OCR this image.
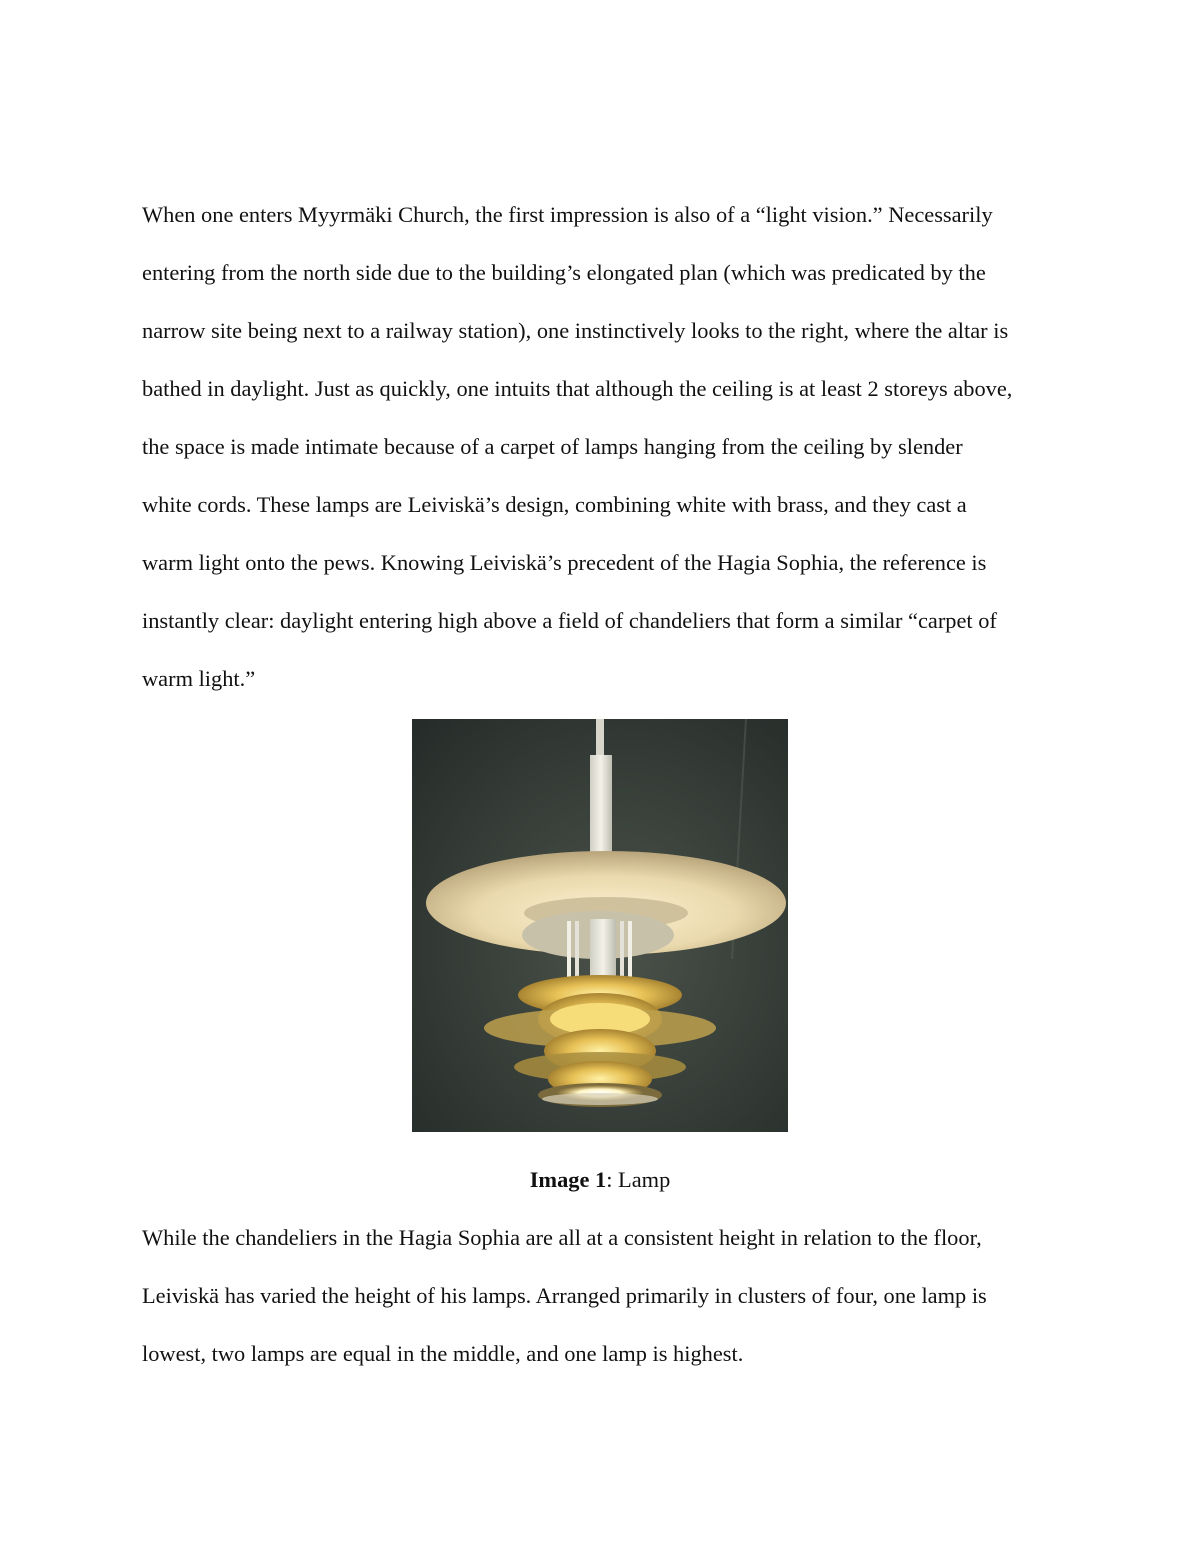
When one enters Myyrmäki Church, the first impression is also of a “light vision.” Necessarily
entering from the north side due to the building’s elongated plan (which was predicated by the
narrow site being next to a railway station), one instinctively looks to the right, where the altar is
bathed in daylight. Just as quickly, one intuits that although the ceiling is at least 2 storeys above,
the space is made intimate because of a carpet of lamps hanging from the ceiling by slender
white cords. These lamps are Leiviskä’s design, combining white with brass, and they cast a
warm light onto the pews. Knowing Leiviskä’s precedent of the Hagia Sophia, the reference is
instantly clear: daylight entering high above a field of chandeliers that form a similar “carpet of
warm light.”

Image 1: Lamp

While the chandeliers in the Hagia Sophia are all at a consistent height in relation to the floor,
Leiviskä has varied the height of his lamps. Arranged primarily in clusters of four, one lamp is
lowest, two lamps are equal in the middle, and one lamp is highest.
